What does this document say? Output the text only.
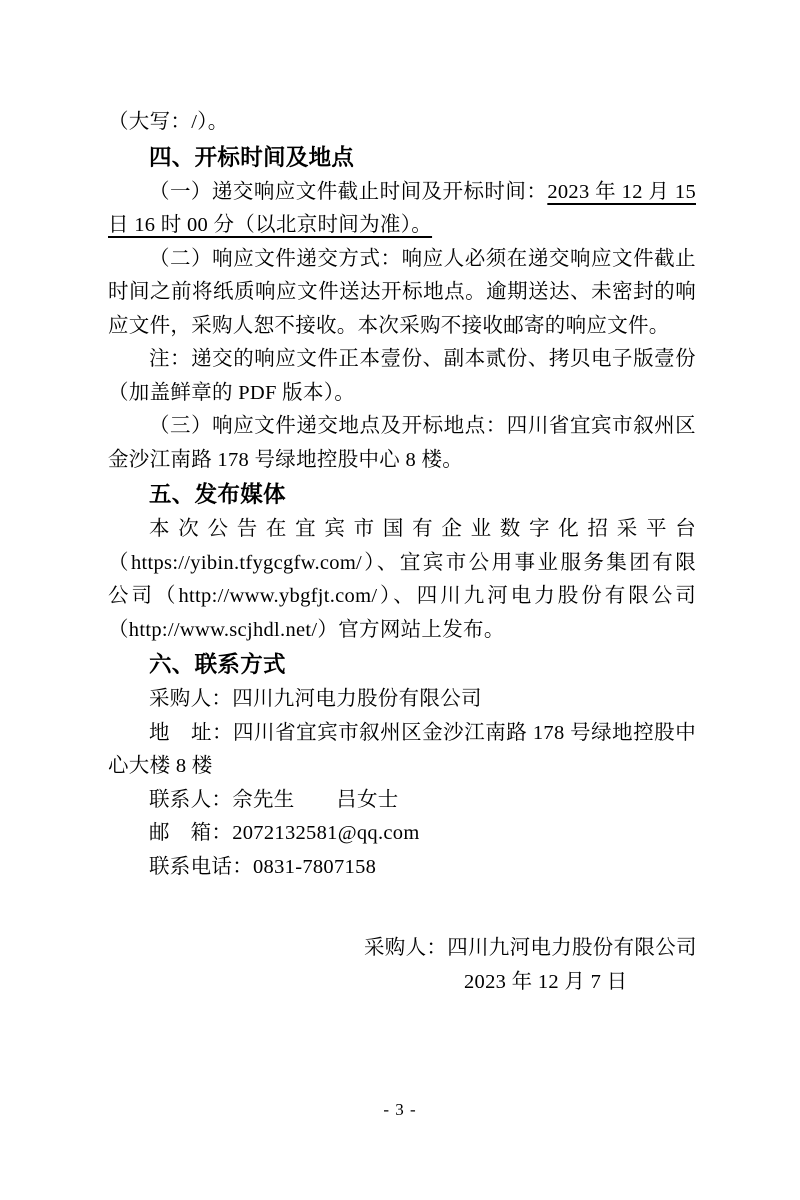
（大写：/）。
四、开标时间及地点
（一）递交响应文件截止时间及开标时间：2023 年 12 月 15
日 16 时 00 分（以北京时间为准）。
（二）响应文件递交方式：响应人必须在递交响应文件截止
时间之前将纸质响应文件送达开标地点。逾期送达、未密封的响
应文件，采购人恕不接收。本次采购不接收邮寄的响应文件。
注：递交的响应文件正本壹份、副本贰份、拷贝电子版壹份
（加盖鲜章的 PDF 版本）。
（三）响应文件递交地点及开标地点：四川省宜宾市叙州区
金沙江南路 178 号绿地控股中心 8 楼。
五、发布媒体
本次公告在宜宾市国有企业数字化招采平台
（https://yibin.tfygcgfw.com/）、宜宾市公用事业服务集团有限
公司（http://www.ybgfjt.com/）、四川九河电力股份有限公司
（http://www.scjhdl.net/）官方网站上发布。
六、联系方式
采购人：四川九河电力股份有限公司
地　址：四川省宜宾市叙州区金沙江南路 178 号绿地控股中
心大楼 8 楼
联系人：佘先生　　吕女士
邮　箱：2072132581@qq.com
联系电话：0831-7807158
采购人：四川九河电力股份有限公司
2023 年 12 月 7 日
- 3 -
